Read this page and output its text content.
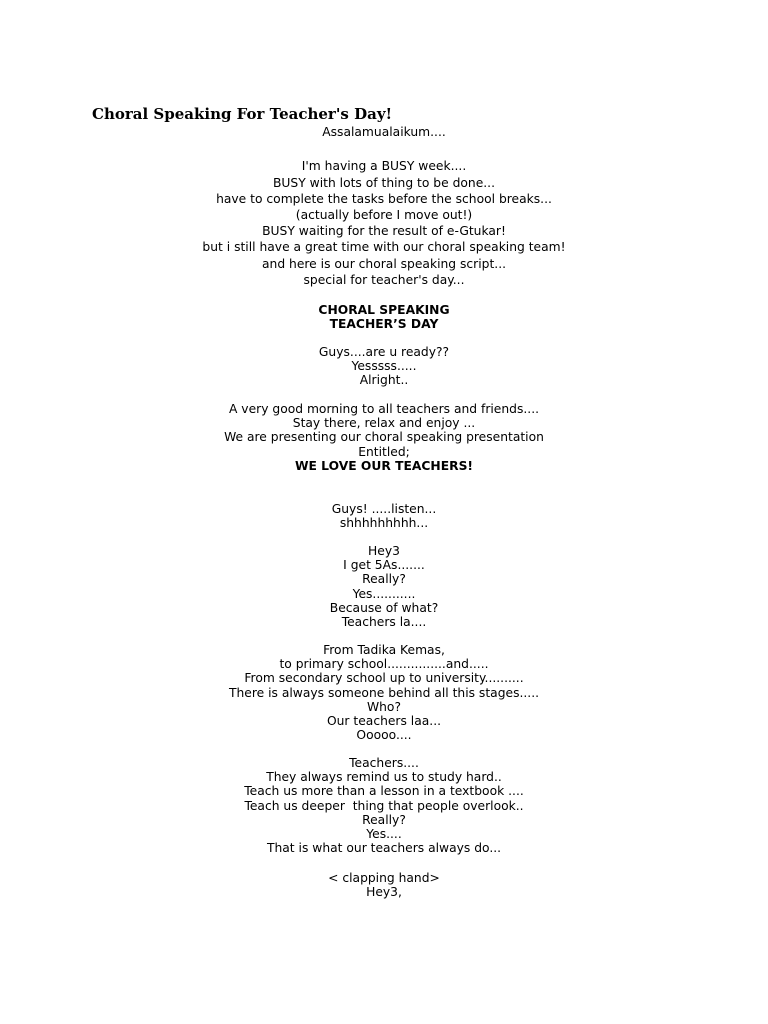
Choral Speaking For Teacher's Day!
Assalamualaikum....
I'm having a BUSY week....
BUSY with lots of thing to be done...
have to complete the tasks before the school breaks...
(actually before I move out!)
BUSY waiting for the result of e-Gtukar!
but i still have a great time with our choral speaking team!
and here is our choral speaking script...
special for teacher's day...
CHORAL SPEAKING
TEACHER’S DAY
Guys....are u ready??
Yesssss.....
Alright..
A very good morning to all teachers and friends....
Stay there, relax and enjoy ...
We are presenting our choral speaking presentation
Entitled;
WE LOVE OUR TEACHERS!
Guys! .....listen...
shhhhhhhhh...
Hey3
I get 5As.......
Really?
Yes...........
Because of what?
Teachers la....
From Tadika Kemas,
to primary school...............and.....
From secondary school up to university..........
There is always someone behind all this stages.....
Who?
Our teachers laa...
Ooooo....
Teachers....
They always remind us to study hard..
Teach us more than a lesson in a textbook ....
Teach us deeper  thing that people overlook..
Really?
Yes....
That is what our teachers always do...
< clapping hand>
Hey3,
